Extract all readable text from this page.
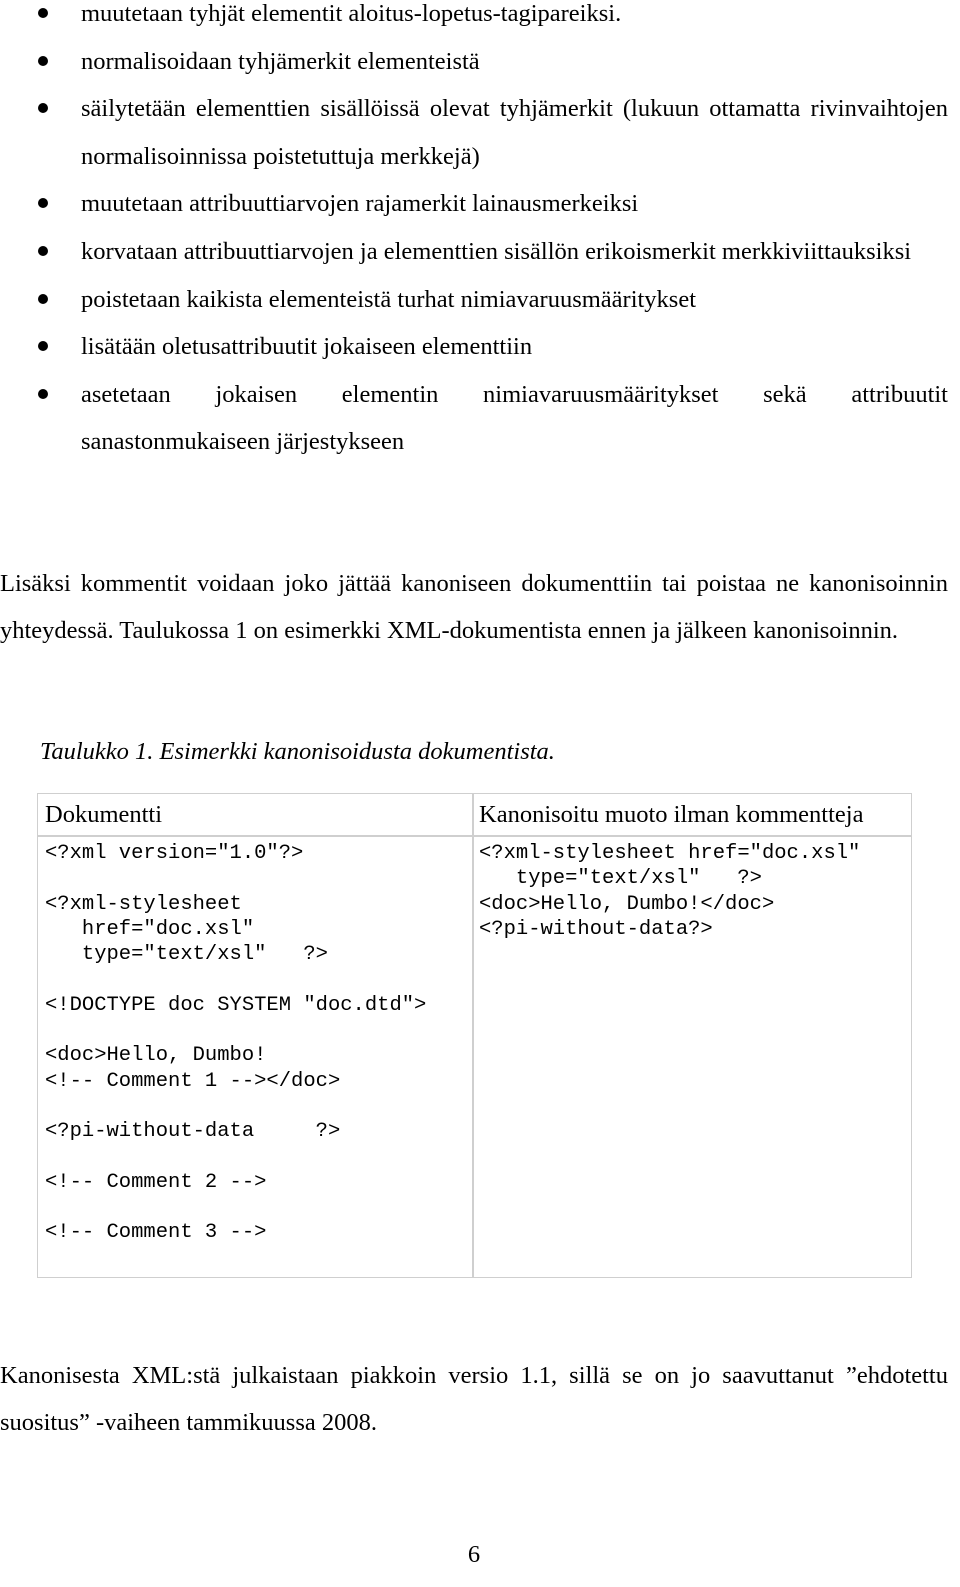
muutetaan tyhjät elementit aloitus-lopetus-tagipareiksi.
normalisoidaan tyhjämerkit elementeistä
säilytetään elementtien sisällöissä olevat tyhjämerkit (lukuun ottamatta rivinvaihtojen normalisoinnissa poistetuttuja merkkejä)
muutetaan attribuuttiarvojen rajamerkit lainausmerkeiksi
korvataan attribuuttiarvojen ja elementtien sisällön erikoismerkit merkkiviittauksiksi
poistetaan kaikista elementeistä turhat nimiavaruusmääritykset
lisätään oletusattribuutit jokaiseen elementtiin
asetetaan jokaisen elementin nimiavaruusmääritykset sekä attribuutit sanastonmukaiseen järjestykseen

Lisäksi kommentit voidaan joko jättää kanoniseen dokumenttiin tai poistaa ne kanonisoinnin yhteydessä. Taulukossa 1 on esimerkki XML-dokumentista ennen ja jälkeen kanonisoinnin.

Taulukko 1. Esimerkki kanonisoidusta dokumentista.

Dokumentti	Kanonisoitu muoto ilman kommentteja
<?xml version="1.0"?>

<?xml-stylesheet
href="doc.xsl"
type="text/xsl"   ?>

<!DOCTYPE doc SYSTEM "doc.dtd">

<doc>Hello, Dumbo!
<!-- Comment 1 --></doc>

<?pi-without-data     ?>

<!-- Comment 2 -->

<!-- Comment 3 -->
<?xml-stylesheet href="doc.xsl"
type="text/xsl"   ?>
<doc>Hello, Dumbo!</doc>
<?pi-without-data?>

Kanonisesta XML:stä julkaistaan piakkoin versio 1.1, sillä se on jo saavuttanut ”ehdotettu suositus” -vaiheen tammikuussa 2008.

6
